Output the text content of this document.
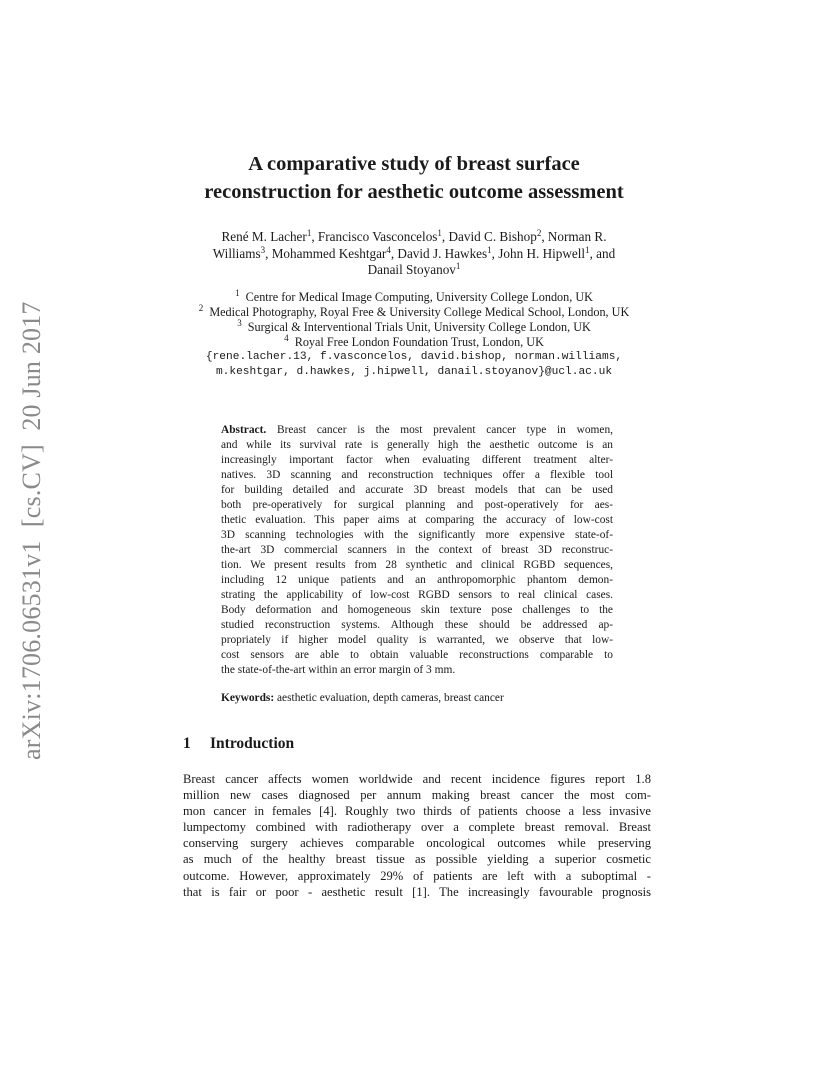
arXiv:1706.06531v1  [cs.CV]  20 Jun 2017
A comparative study of breast surface
reconstruction for aesthetic outcome assessment
René M. Lacher$^1$, Francisco Vasconcelos$^1$, David C. Bishop$^2$, Norman R.
Williams$^3$, Mohammed Keshtgar$^4$, David J. Hawkes$^1$, John H. Hipwell$^1$, and
Danail Stoyanov$^1$
$^1$ Centre for Medical Image Computing, University College London, UK
$^2$ Medical Photography, Royal Free & University College Medical School, London, UK
$^3$ Surgical & Interventional Trials Unit, University College London, UK
$^4$ Royal Free London Foundation Trust, London, UK
{rene.lacher.13, f.vasconcelos, david.bishop, norman.williams,
m.keshtgar, d.hawkes, j.hipwell, danail.stoyanov}@ucl.ac.uk
Abstract. Breast cancer is the most prevalent cancer type in women,
and while its survival rate is generally high the aesthetic outcome is an
increasingly important factor when evaluating different treatment alter-
natives. 3D scanning and reconstruction techniques offer a flexible tool
for building detailed and accurate 3D breast models that can be used
both pre-operatively for surgical planning and post-operatively for aes-
thetic evaluation. This paper aims at comparing the accuracy of low-cost
3D scanning technologies with the significantly more expensive state-of-
the-art 3D commercial scanners in the context of breast 3D reconstruc-
tion. We present results from 28 synthetic and clinical RGBD sequences,
including 12 unique patients and an anthropomorphic phantom demon-
strating the applicability of low-cost RGBD sensors to real clinical cases.
Body deformation and homogeneous skin texture pose challenges to the
studied reconstruction systems. Although these should be addressed ap-
propriately if higher model quality is warranted, we observe that low-
cost sensors are able to obtain valuable reconstructions comparable to
the state-of-the-art within an error margin of 3 mm.
Keywords: aesthetic evaluation, depth cameras, breast cancer
1 Introduction
Breast cancer affects women worldwide and recent incidence figures report 1.8
million new cases diagnosed per annum making breast cancer the most com-
mon cancer in females [4]. Roughly two thirds of patients choose a less invasive
lumpectomy combined with radiotherapy over a complete breast removal. Breast
conserving surgery achieves comparable oncological outcomes while preserving
as much of the healthy breast tissue as possible yielding a superior cosmetic
outcome. However, approximately 29% of patients are left with a suboptimal -
that is fair or poor - aesthetic result [1]. The increasingly favourable prognosis
